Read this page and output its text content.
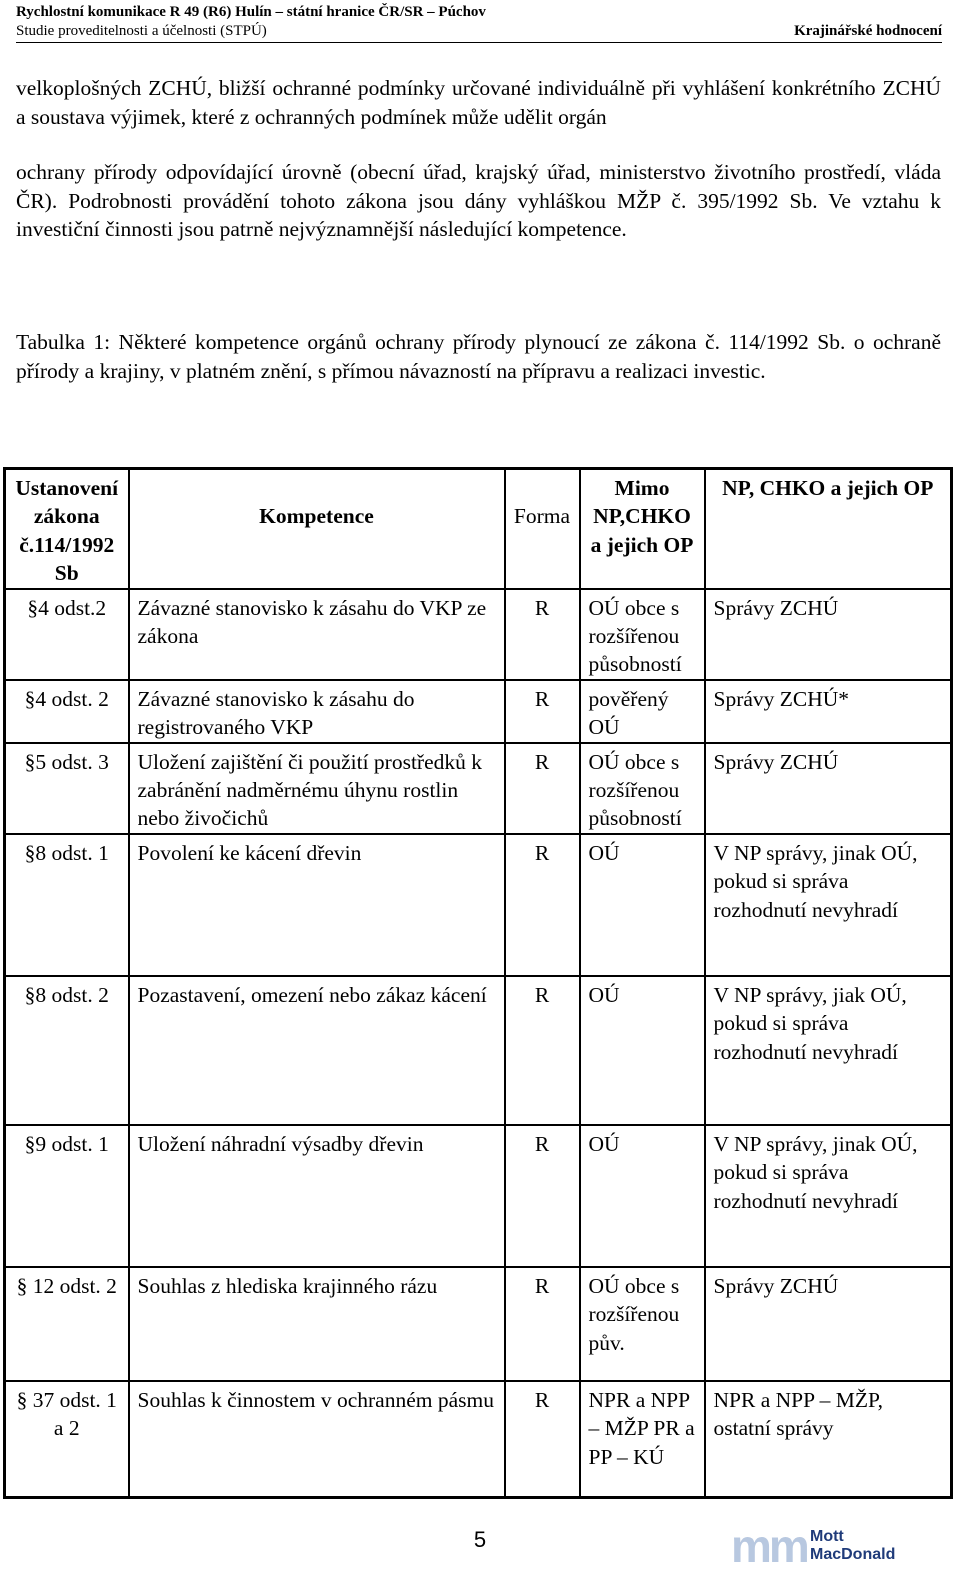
Rychlostní komunikace R 49 (R6) Hulín – státní hranice ČR/SR – Púchov
Studie proveditelnosti a účelnosti (STPÚ)	Krajinářské hodnocení
velkoplošných ZCHÚ, bližší ochranné podmínky určované individuálně při vyhlášení konkrétního ZCHÚ a soustava výjimek, které z ochranných podmínek může udělit orgán
ochrany přírody odpovídající úrovně (obecní úřad, krajský úřad, ministerstvo životního prostředí, vláda ČR). Podrobnosti provádění tohoto zákona jsou dány vyhláškou MŽP č. 395/1992 Sb. Ve vztahu k investiční činnosti jsou patrně nejvýznamnější následující kompetence.
Tabulka 1: Některé kompetence orgánů ochrany přírody plynoucí ze zákona č. 114/1992 Sb. o ochraně přírody a krajiny, v platném znění, s přímou návazností na přípravu a realizaci investic.
Ustanovení zákona č.114/1992 Sb	Kompetence	Forma	Mimo NP,CHKO a jejich OP	NP, CHKO a jejich OP
§4 odst.2	Závazné stanovisko k zásahu do VKP ze zákona	R	OÚ obce s rozšířenou působností	Správy ZCHÚ
§4 odst. 2	Závazné stanovisko k zásahu do registrovaného VKP	R	pověřený OÚ	Správy ZCHÚ*
§5 odst. 3	Uložení zajištění či použití prostředků k zabránění nadměrnému úhynu rostlin nebo živočichů	R	OÚ obce s rozšířenou působností	Správy ZCHÚ
§8 odst. 1	Povolení ke kácení dřevin	R	OÚ	V NP správy, jinak OÚ, pokud si správa rozhodnutí nevyhradí
§8 odst. 2	Pozastavení, omezení nebo zákaz kácení	R	OÚ	V NP správy, jiak OÚ, pokud si správa rozhodnutí nevyhradí
§9 odst. 1	Uložení náhradní výsadby dřevin	R	OÚ	V NP správy, jinak OÚ, pokud si správa rozhodnutí nevyhradí
§ 12 odst. 2	Souhlas z hlediska krajinného rázu	R	OÚ obce s rozšířenou pův.	Správy ZCHÚ
§ 37 odst. 1 a 2	Souhlas k činnostem v ochranném pásmu	R	NPR a NPP – MŽP PR a PP – KÚ	NPR a NPP – MŽP, ostatní správy
5	mm Mott
MacDonald
